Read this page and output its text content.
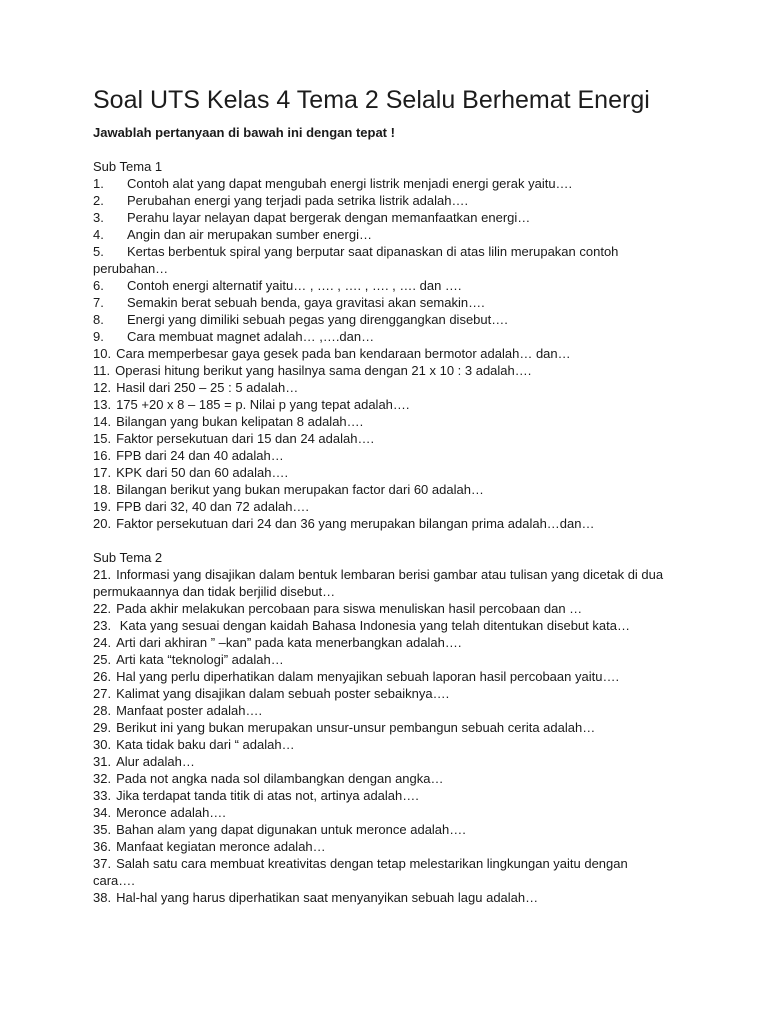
Soal UTS Kelas 4 Tema 2 Selalu Berhemat Energi
Jawablah pertanyaan di bawah ini dengan tepat !
Sub Tema 1
1. Contoh alat yang dapat mengubah energi listrik menjadi energi gerak yaitu….
2. Perubahan energi yang terjadi pada setrika listrik adalah….
3. Perahu layar nelayan dapat bergerak dengan memanfaatkan energi…
4. Angin dan air merupakan sumber energi…
5. Kertas berbentuk spiral yang berputar saat dipanaskan di atas lilin merupakan contoh perubahan…
6. Contoh energi alternatif yaitu… , …. , …. , …. , …. dan ….
7. Semakin berat sebuah benda, gaya gravitasi akan semakin….
8. Energi yang dimiliki sebuah pegas yang direnggangkan disebut….
9. Cara membuat magnet adalah… ,….dan…
10. Cara memperbesar gaya gesek pada ban kendaraan bermotor adalah… dan…
11. Operasi hitung berikut yang hasilnya sama dengan 21 x 10 : 3 adalah….
12. Hasil dari 250 – 25 : 5 adalah…
13. 175 +20 x 8 – 185 = p. Nilai p yang tepat adalah….
14. Bilangan yang bukan kelipatan 8 adalah….
15. Faktor persekutuan dari 15 dan 24 adalah….
16. FPB dari 24 dan 40 adalah…
17. KPK dari 50 dan 60 adalah….
18. Bilangan berikut yang bukan merupakan factor dari 60 adalah…
19. FPB dari 32, 40 dan 72 adalah….
20. Faktor persekutuan dari 24 dan 36 yang merupakan bilangan prima adalah…dan…
Sub Tema 2
21. Informasi yang disajikan dalam bentuk lembaran berisi gambar atau tulisan yang dicetak di dua permukaannya dan tidak berjilid disebut…
22. Pada akhir melakukan percobaan para siswa menuliskan hasil percobaan dan …
23. Kata yang sesuai dengan kaidah Bahasa Indonesia yang telah ditentukan disebut kata…
24. Arti dari akhiran ” –kan” pada kata menerbangkan adalah….
25. Arti kata “teknologi” adalah…
26. Hal yang perlu diperhatikan dalam menyajikan sebuah laporan hasil percobaan yaitu….
27. Kalimat yang disajikan dalam sebuah poster sebaiknya….
28. Manfaat poster adalah….
29. Berikut ini yang bukan merupakan unsur-unsur pembangun sebuah cerita adalah…
30. Kata tidak baku dari “ adalah…
31. Alur adalah…
32. Pada not angka nada sol dilambangkan dengan angka…
33. Jika terdapat tanda titik di atas not, artinya adalah….
34. Meronce adalah….
35. Bahan alam yang dapat digunakan untuk meronce adalah….
36. Manfaat kegiatan meronce adalah…
37. Salah satu cara membuat kreativitas dengan tetap melestarikan lingkungan yaitu dengan cara….
38. Hal-hal yang harus diperhatikan saat menyanyikan sebuah lagu adalah…
